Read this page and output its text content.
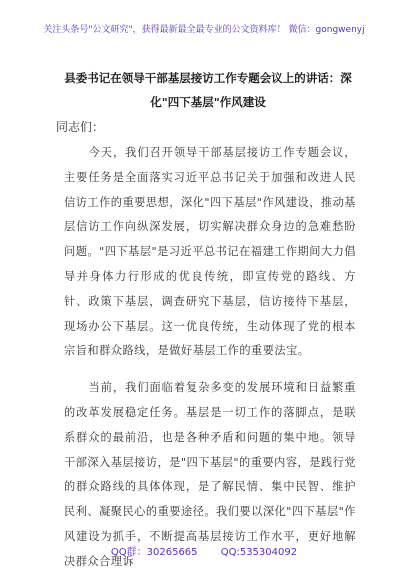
关注头条号"公文研究"，获得最新最全最专业的公文资料库！ 微信：gongwenyj
县委书记在领导干部基层接访工作专题会议上的讲话：深化"四下基层"作风建设
同志们：

今天，我们召开领导干部基层接访工作专题会议，主要任务是全面落实习近平总书记关于加强和改进人民信访工作的重要思想，深化"四下基层"作风建设，推动基层信访工作向纵深发展，切实解决群众身边的急难愁盼问题。"四下基层"是习近平总书记在福建工作期间大力倡导并身体力行形成的优良传统，即宣传党的路线、方针、政策下基层，调查研究下基层，信访接待下基层，现场办公下基层。这一优良传统，生动体现了党的根本宗旨和群众路线，是做好基层工作的重要法宝。

当前，我们面临着复杂多变的发展环境和日益繁重的改革发展稳定任务。基层是一切工作的落脚点，是联系群众的最前沿，也是各种矛盾和问题的集中地。领导干部深入基层接访，是"四下基层"的重要内容，是践行党的群众路线的具体体现，是了解民情、集中民智、维护民利、凝聚民心的重要途径。我们要以深化"四下基层"作风建设为抓手，不断提高基层接访工作水平，更好地解决群众合理诉

QQ群：30265665 QQ:535304092
